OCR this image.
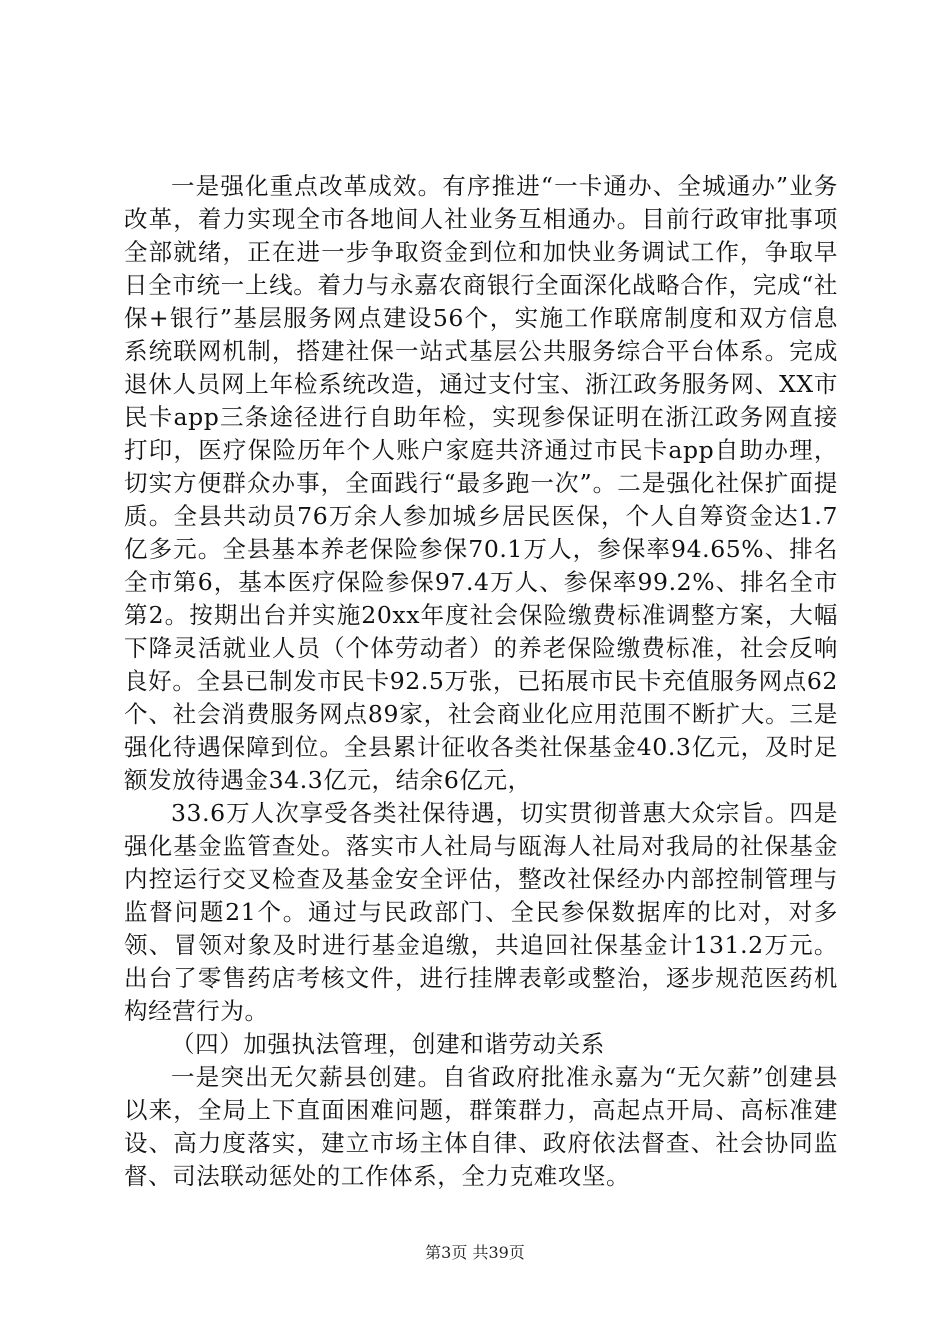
一是强化重点改革成效。有序推进“一卡通办、全城通办”业务改革，着力实现全市各地间人社业务互相通办。目前行政审批事项全部就绪，正在进一步争取资金到位和加快业务调试工作，争取早日全市统一上线。着力与永嘉农商银行全面深化战略合作，完成“社保+银行”基层服务网点建设56个，实施工作联席制度和双方信息系统联网机制，搭建社保一站式基层公共服务综合平台体系。完成退休人员网上年检系统改造，通过支付宝、浙江政务服务网、XX市民卡app三条途径进行自助年检，实现参保证明在浙江政务网直接打印，医疗保险历年个人账户家庭共济通过市民卡app自助办理，切实方便群众办事，全面践行“最多跑一次”。二是强化社保扩面提质。全县共动员76万余人参加城乡居民医保，个人自筹资金达1.7亿多元。全县基本养老保险参保70.1万人，参保率94.65%、排名全市第6，基本医疗保险参保97.4万人、参保率99.2%、排名全市第2。按期出台并实施20xx年度社会保险缴费标准调整方案，大幅下降灵活就业人员（个体劳动者）的养老保险缴费标准，社会反响良好。全县已制发市民卡92.5万张，已拓展市民卡充值服务网点62个、社会消费服务网点89家，社会商业化应用范围不断扩大。三是强化待遇保障到位。全县累计征收各类社保基金40.3亿元，及时足额发放待遇金34.3亿元，结余6亿元，

33.6万人次享受各类社保待遇，切实贯彻普惠大众宗旨。四是强化基金监管查处。落实市人社局与瓯海人社局对我局的社保基金内控运行交叉检查及基金安全评估，整改社保经办内部控制管理与监督问题21个。通过与民政部门、全民参保数据库的比对，对多领、冒领对象及时进行基金追缴，共追回社保基金计131.2万元。出台了零售药店考核文件，进行挂牌表彰或整治，逐步规范医药机构经营行为。

（四）加强执法管理，创建和谐劳动关系

一是突出无欠薪县创建。自省政府批准永嘉为“无欠薪”创建县以来，全局上下直面困难问题，群策群力，高起点开局、高标准建设、高力度落实，建立市场主体自律、政府依法督查、社会协同监督、司法联动惩处的工作体系，全力克难攻坚。

第3页 共39页
